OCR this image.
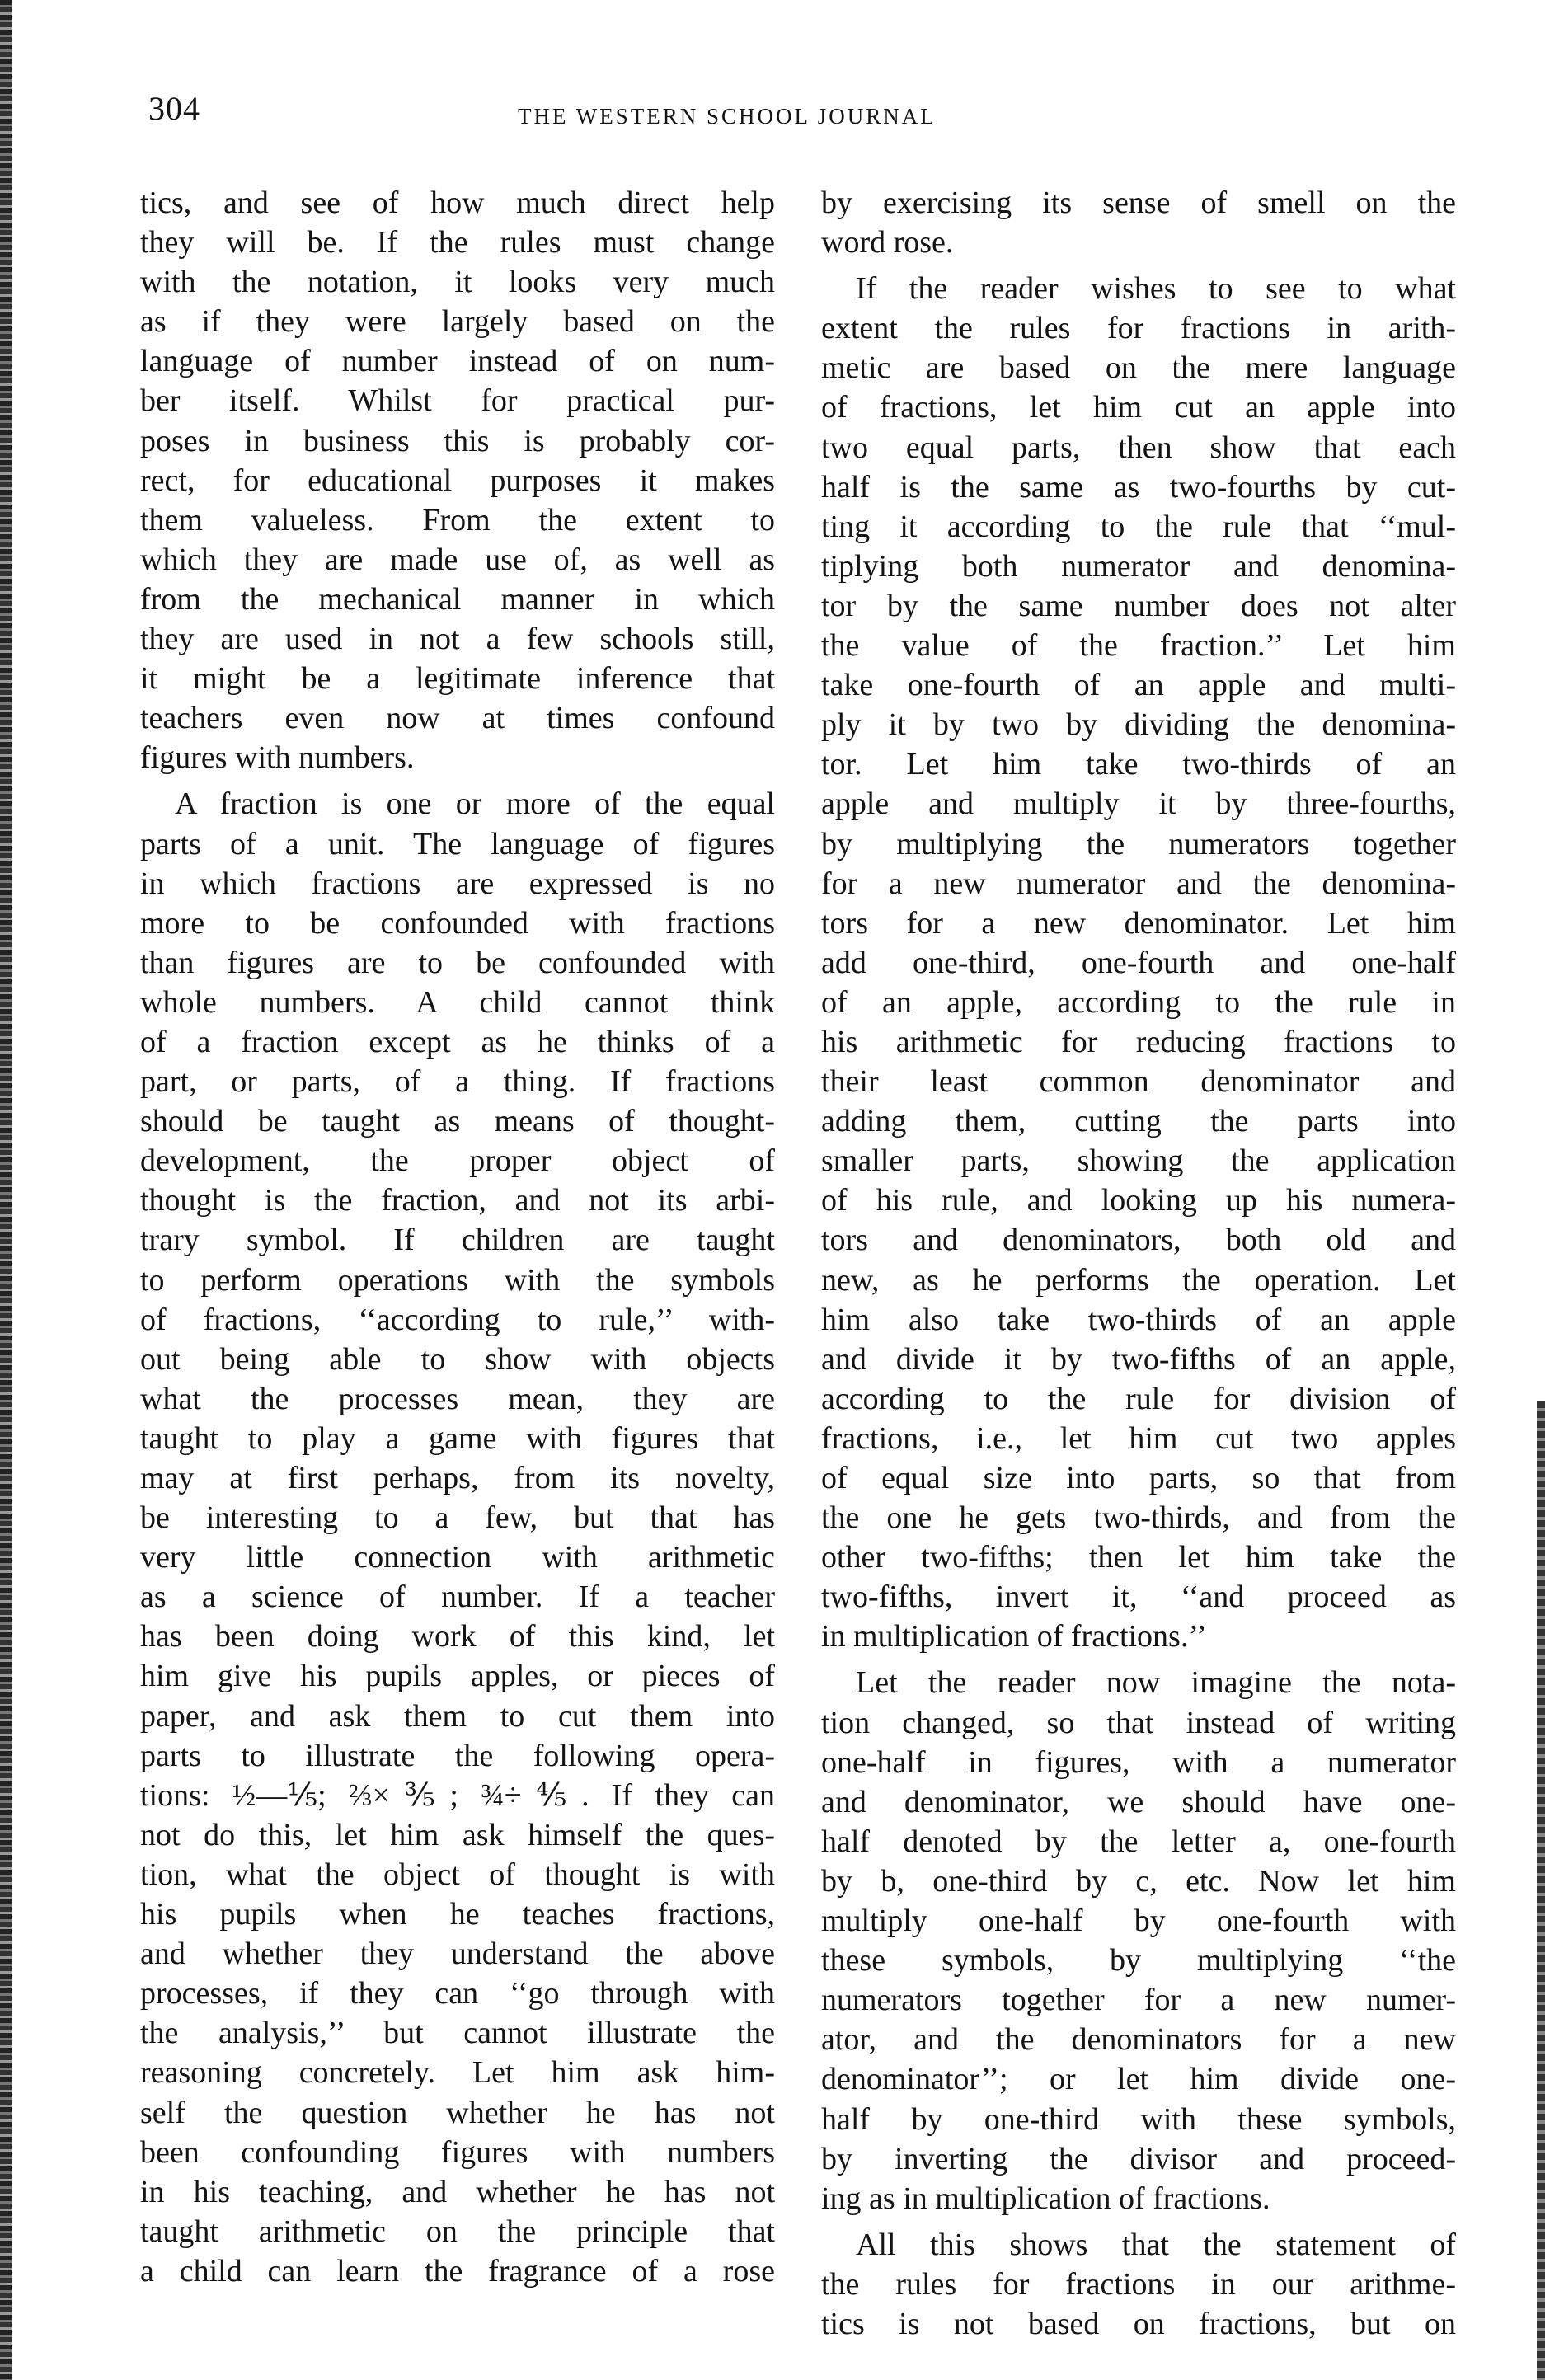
304	THE WESTERN SCHOOL JOURNAL
tics, and see of how much direct help
they will be. If the rules must change
with the notation, it looks very much
as if they were largely based on the
language of number instead of on num-
ber itself. Whilst for practical pur-
poses in business this is probably cor-
rect, for educational purposes it makes
them valueless. From the extent to
which they are made use of, as well as
from the mechanical manner in which
they are used in not a few schools still,
it might be a legitimate inference that
teachers even now at times confound
figures with numbers.
A fraction is one or more of the equal
parts of a unit. The language of figures
in which fractions are expressed is no
more to be confounded with fractions
than figures are to be confounded with
whole numbers. A child cannot think
of a fraction except as he thinks of a
part, or parts, of a thing. If fractions
should be taught as means of thought-
development, the proper object of
thought is the fraction, and not its arbi-
trary symbol. If children are taught
to perform operations with the symbols
of fractions, ‘‘according to rule,’’ with-
out being able to show with objects
what the processes mean, they are
taught to play a game with figures that
may at first perhaps, from its novelty,
be interesting to a few, but that has
very little connection with arithmetic
as a science of number. If a teacher
has been doing work of this kind, let
him give his pupils apples, or pieces of
paper, and ask them to cut them into
parts to illustrate the following opera-
tions: ½—⅕; ⅔×⅗; ¾÷⅘. If they can
not do this, let him ask himself the ques-
tion, what the object of thought is with
his pupils when he teaches fractions,
and whether they understand the above
processes, if they can ‘‘go through with
the analysis,’’ but cannot illustrate the
reasoning concretely. Let him ask him-
self the question whether he has not
been confounding figures with numbers
in his teaching, and whether he has not
taught arithmetic on the principle that
a child can learn the fragrance of a rose
by exercising its sense of smell on the
word rose.
If the reader wishes to see to what
extent the rules for fractions in arith-
metic are based on the mere language
of fractions, let him cut an apple into
two equal parts, then show that each
half is the same as two-fourths by cut-
ting it according to the rule that ‘‘mul-
tiplying both numerator and denomina-
tor by the same number does not alter
the value of the fraction.’’ Let him
take one-fourth of an apple and multi-
ply it by two by dividing the denomina-
tor. Let him take two-thirds of an
apple and multiply it by three-fourths,
by multiplying the numerators together
for a new numerator and the denomina-
tors for a new denominator. Let him
add one-third, one-fourth and one-half
of an apple, according to the rule in
his arithmetic for reducing fractions to
their least common denominator and
adding them, cutting the parts into
smaller parts, showing the application
of his rule, and looking up his numera-
tors and denominators, both old and
new, as he performs the operation. Let
him also take two-thirds of an apple
and divide it by two-fifths of an apple,
according to the rule for division of
fractions, i.e., let him cut two apples
of equal size into parts, so that from
the one he gets two-thirds, and from the
other two-fifths; then let him take the
two-fifths, invert it, ‘‘and proceed as
in multiplication of fractions.’’
Let the reader now imagine the nota-
tion changed, so that instead of writing
one-half in figures, with a numerator
and denominator, we should have one-
half denoted by the letter a, one-fourth
by b, one-third by c, etc. Now let him
multiply one-half by one-fourth with
these symbols, by multiplying ‘‘the
numerators together for a new numer-
ator, and the denominators for a new
denominator’’; or let him divide one-
half by one-third with these symbols,
by inverting the divisor and proceed-
ing as in multiplication of fractions.
All this shows that the statement of
the rules for fractions in our arithme-
tics is not based on fractions, but on
